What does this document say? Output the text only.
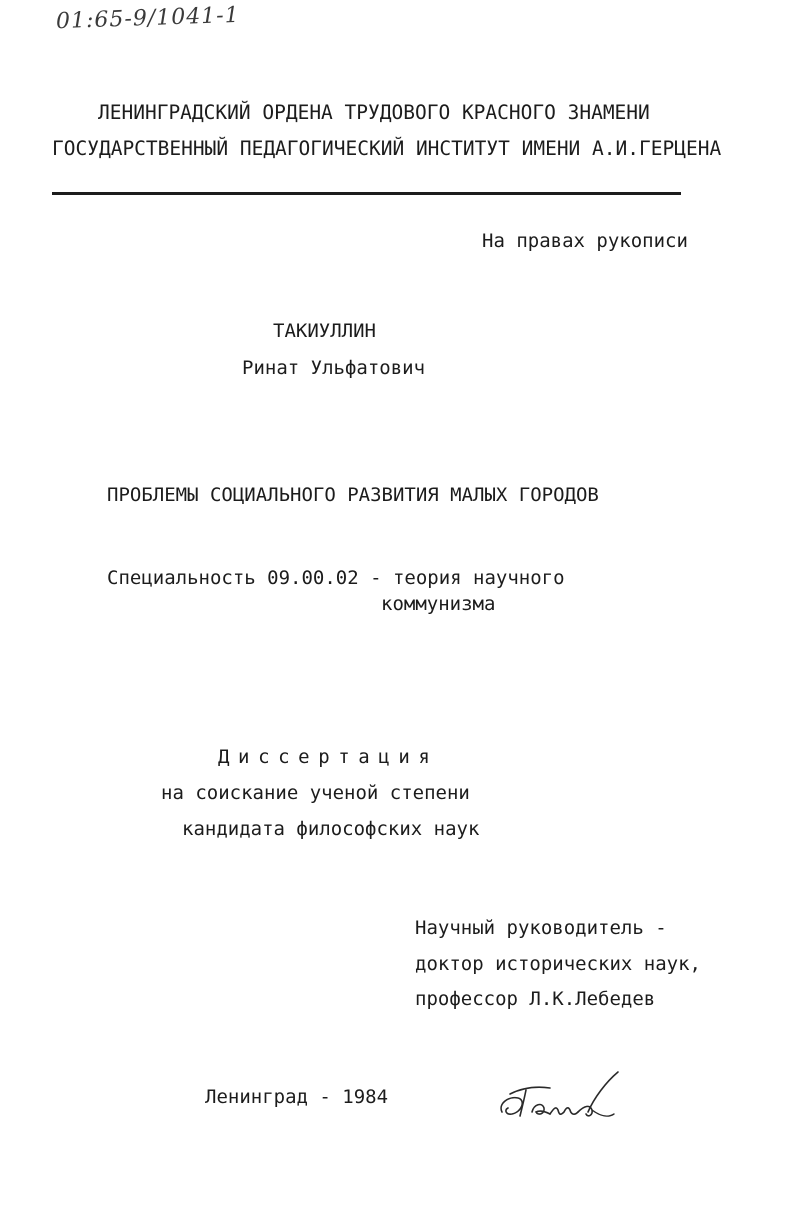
01:65-9/1041-1
ЛЕНИНГРАДСКИЙ ОРДЕНА ТРУДОВОГО КРАСНОГО ЗНАМЕНИ
ГОСУДАРСТВЕННЫЙ ПЕДАГОГИЧЕСКИЙ ИНСТИТУТ ИМЕНИ А.И.ГЕРЦЕНА
На правах рукописи
ТАКИУЛЛИН
Ринат Ульфатович
ПРОБЛЕМЫ СОЦИАЛЬНОГО РАЗВИТИЯ МАЛЫХ ГОРОДОВ
Специальность 09.00.02 - теория научного
коммунизма
Диссертация
на соискание ученой степени
кандидата философских наук
Научный руководитель -
доктор исторических наук,
профессор Л.К.Лебедев
Ленинград - 1984
